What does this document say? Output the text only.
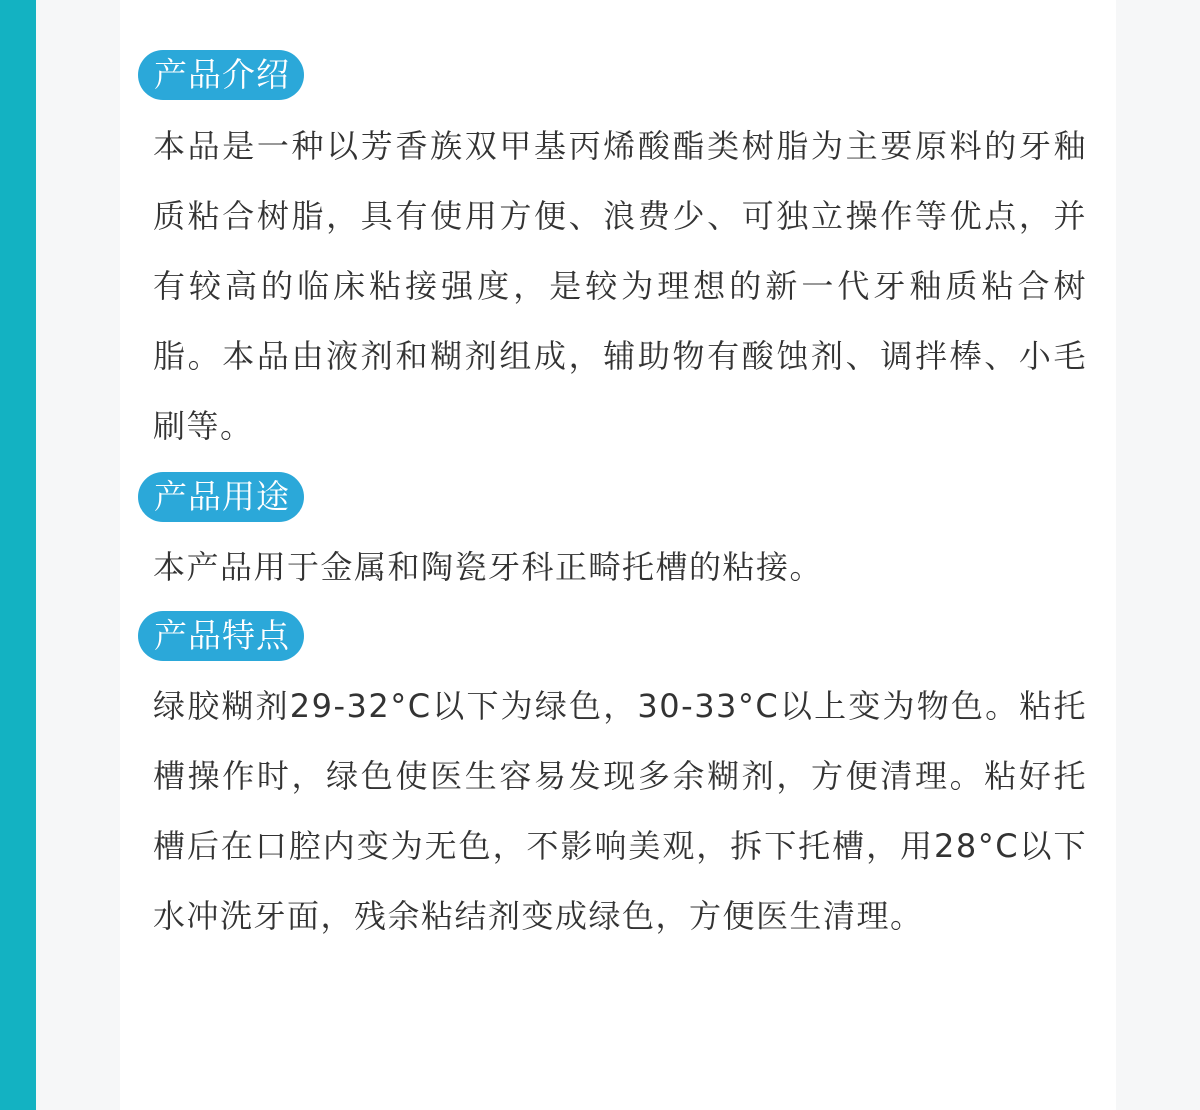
产品介绍

本品是一种以芳香族双甲基丙烯酸酯类树脂为主要原料的牙釉质粘合树脂，具有使用方便、浪费少、可独立操作等优点，并有较高的临床粘接强度，是较为理想的新一代牙釉质粘合树脂。本品由液剂和糊剂组成，辅助物有酸蚀剂、调拌棒、小毛刷等。

产品用途

本产品用于金属和陶瓷牙科正畸托槽的粘接。

产品特点

绿胶糊剂29-32°C以下为绿色，30-33°C以上变为物色。粘托槽操作时，绿色使医生容易发现多余糊剂，方便清理。粘好托槽后在口腔内变为无色，不影响美观，拆下托槽，用28°C以下水冲洗牙面，残余粘结剂变成绿色，方便医生清理。
